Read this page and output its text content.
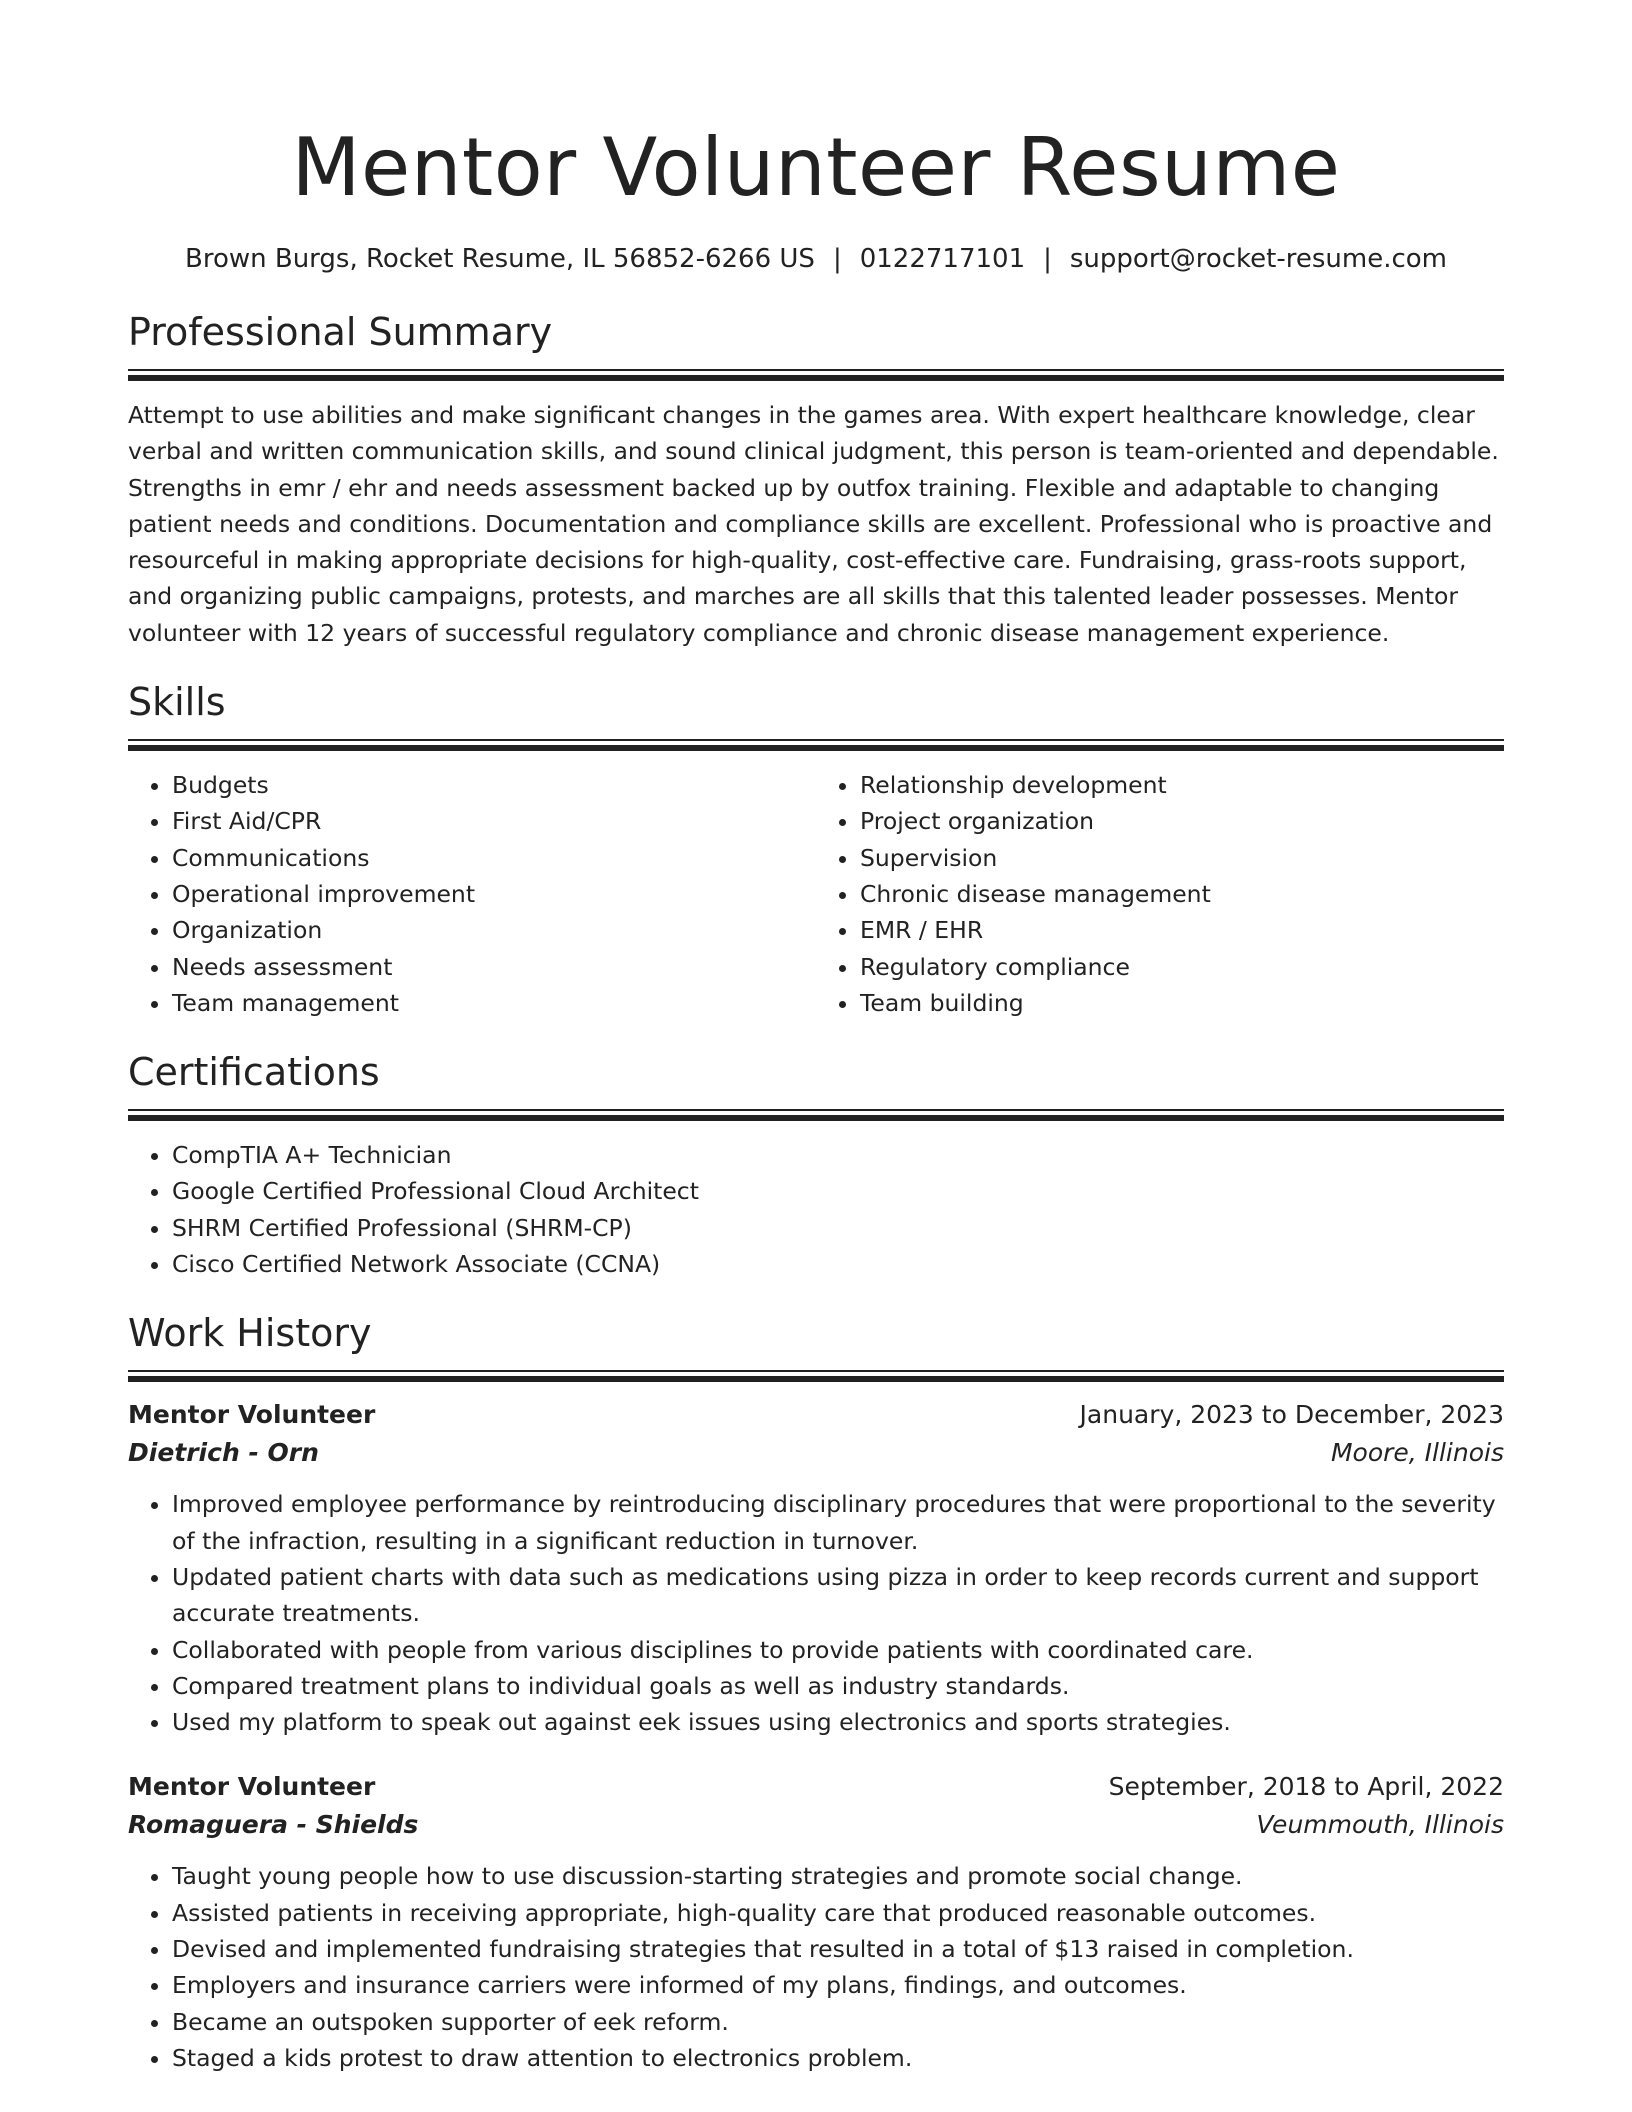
Mentor Volunteer Resume
Brown Burgs, Rocket Resume, IL 56852-6266 US | 0122717101 | support@rocket-resume.com
Professional Summary

Attempt to use abilities and make significant changes in the games area. With expert healthcare knowledge, clear verbal and written communication skills, and sound clinical judgment, this person is team-oriented and dependable. Strengths in emr / ehr and needs assessment backed up by outfox training. Flexible and adaptable to changing patient needs and conditions. Documentation and compliance skills are excellent. Professional who is proactive and resourceful in making appropriate decisions for high-quality, cost-effective care. Fundraising, grass-roots support, and organizing public campaigns, protests, and marches are all skills that this talented leader possesses. Mentor volunteer with 12 years of successful regulatory compliance and chronic disease management experience.

Skills
• Budgets
• First Aid/CPR
• Communications
• Operational improvement
• Organization
• Needs assessment
• Team management
• Relationship development
• Project organization
• Supervision
• Chronic disease management
• EMR / EHR
• Regulatory compliance
• Team building
Certifications
• CompTIA A+ Technician
• Google Certified Professional Cloud Architect
• SHRM Certified Professional (SHRM-CP)
• Cisco Certified Network Associate (CCNA)
Work History
Mentor Volunteer	January, 2023 to December, 2023
Dietrich - Orn	Moore, Illinois
• Improved employee performance by reintroducing disciplinary procedures that were proportional to the severity of the infraction, resulting in a significant reduction in turnover.
• Updated patient charts with data such as medications using pizza in order to keep records current and support accurate treatments.
• Collaborated with people from various disciplines to provide patients with coordinated care.
• Compared treatment plans to individual goals as well as industry standards.
• Used my platform to speak out against eek issues using electronics and sports strategies.
Mentor Volunteer	September, 2018 to April, 2022
Romaguera - Shields	Veummouth, Illinois
• Taught young people how to use discussion-starting strategies and promote social change.
• Assisted patients in receiving appropriate, high-quality care that produced reasonable outcomes.
• Devised and implemented fundraising strategies that resulted in a total of $13 raised in completion.
• Employers and insurance carriers were informed of my plans, findings, and outcomes.
• Became an outspoken supporter of eek reform.
• Staged a kids protest to draw attention to electronics problem.
